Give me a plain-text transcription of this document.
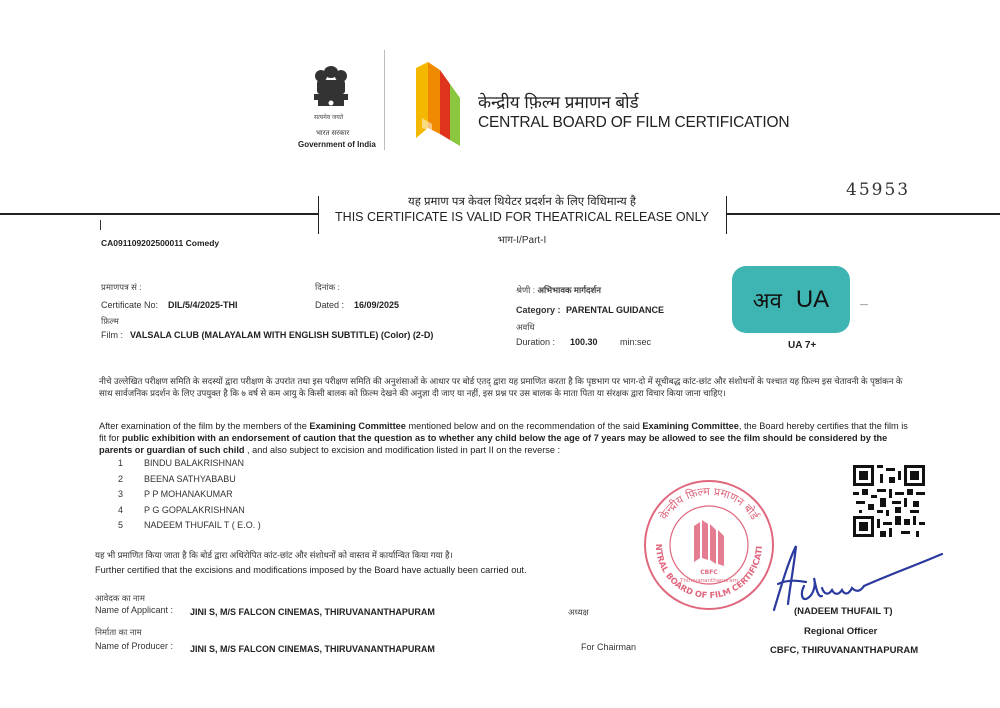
सत्यमेव जयते
भारत सरकार
Government of India
केन्द्रीय फ़िल्म प्रमाणन बोर्ड
CENTRAL BOARD OF FILM CERTIFICATION
यह प्रमाण पत्र केवल थियेटर प्रदर्शन के लिए विधिमान्य है
THIS CERTIFICATE IS VALID FOR THEATRICAL RELEASE ONLY
भाग-I/Part-I
45953
CA091109202500011 Comedy
प्रमाणपत्र सं :
Certificate No: DIL/5/4/2025-THI
दिनांक :
Dated : 16/09/2025
फ़िल्म
Film : VALSALA CLUB (MALAYALAM WITH ENGLISH SUBTITLE) (Color) (2-D)
श्रेणी : अभिभावक मार्गदर्शन
Category : PARENTAL GUIDANCE
अवधि
Duration : 100.30 min:sec
अव UA
UA 7+
—
नीचे उल्लेखित परीक्षण समिति के सदस्यों द्वारा परीक्षण के उपरांत तथा इस परीक्षण समिति की अनुशंसाओं के आधार पर बोर्ड एतद् द्वारा यह प्रमाणित करता है कि पृष्ठभाग पर भाग-दो में सूचीबद्ध कांट-छांट और संशोधनों के पश्चात यह फ़िल्म इस चेतावनी के पृष्ठांकन के साथ सार्वजनिक प्रदर्शन के लिए उपयुक्त है कि ७ वर्ष से कम आयु के किसी बालक को फ़िल्म देखने की अनुज्ञा दी जाए या नहीं, इस प्रश्न पर उस बालक के माता पिता या संरक्षक द्वारा विचार किया जाना चाहिए।
After examination of the film by the members of the Examining Committee mentioned below and on the recommendation of the said Examining Committee, the Board hereby certifies that the film is fit for public exhibition with an endorsement of caution that the question as to whether any child below the age of 7 years may be allowed to see the film should be considered by the parents or guardian of such child , and also subject to excision and modification listed in part II on the reverse :
1	BINDU BALAKRISHNAN
2	BEENA SATHYABABU
3	P P MOHANAKUMAR
4	P G GOPALAKRISHNAN
5	NADEEM THUFAIL T ( E.O. )
यह भी प्रमाणित किया जाता है कि बोर्ड द्वारा अधिरोपित कांट-छांट और संशोधनों को वास्तव में कार्यान्वित किया गया है।
Further certified that the excisions and modifications imposed by the Board have actually been carried out.
आवेदक का नाम
Name of Applicant : JINI S, M/S FALCON CINEMAS, THIRUVANANTHAPURAM
निर्माता का नाम
Name of Producer : JINI S, M/S FALCON CINEMAS, THIRUVANANTHAPURAM
अध्यक्ष
For Chairman
केन्द्रीय फ़िल्म प्रमाणन बोर्ड
NTRAL BOARD OF FILM CERTIFICATI
CBFC
Thiruvananthapuram
(NADEEM THUFAIL T)
Regional Officer
CBFC, THIRUVANANTHAPURAM
